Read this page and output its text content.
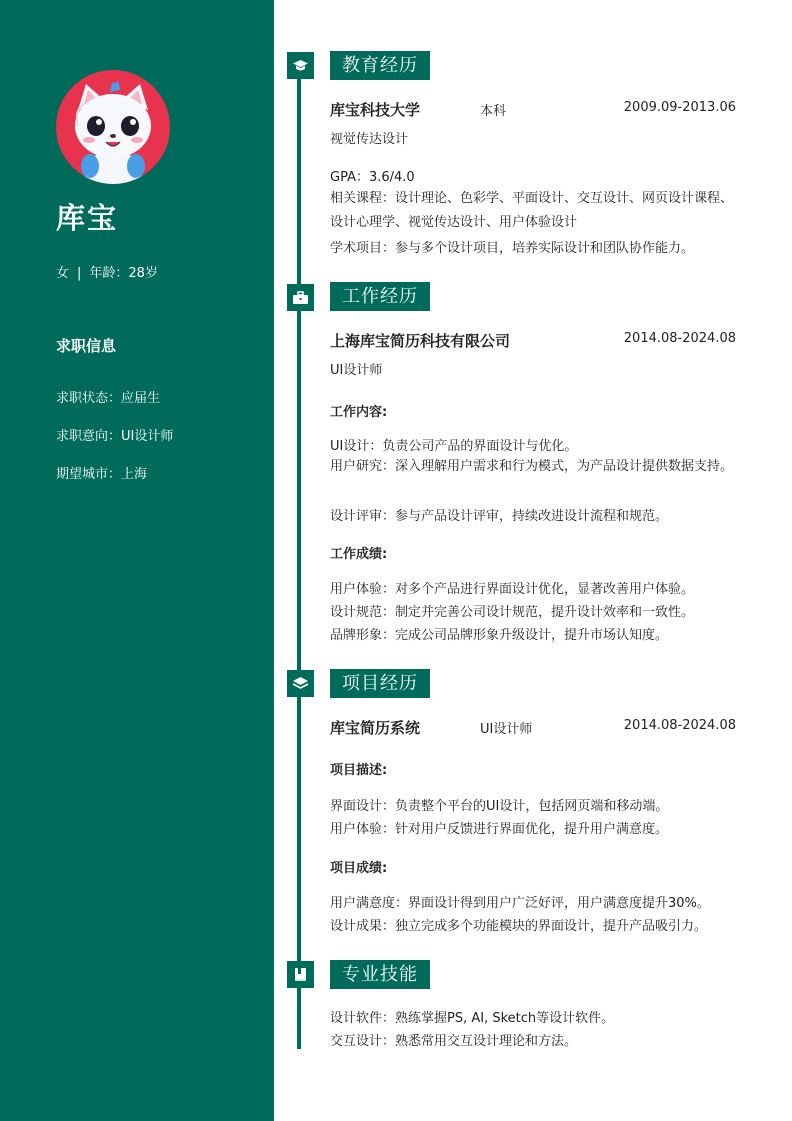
库宝
女 | 年龄：28岁
求职信息
求职状态：应届生
求职意向：UI设计师
期望城市：上海
教育经历
库宝科技大学	本科	2009.09-2013.06
视觉传达设计
GPA：3.6/4.0
相关课程：设计理论、色彩学、平面设计、交互设计、网页设计课程、设计心理学、视觉传达设计、用户体验设计
学术项目：参与多个设计项目，培养实际设计和团队协作能力。
工作经历
上海库宝简历科技有限公司	2014.08-2024.08
UI设计师
工作内容:
UI设计：负责公司产品的界面设计与优化。
用户研究：深入理解用户需求和行为模式，为产品设计提供数据支持。
设计评审：参与产品设计评审，持续改进设计流程和规范。
工作成绩:
用户体验：对多个产品进行界面设计优化，显著改善用户体验。
设计规范：制定并完善公司设计规范，提升设计效率和一致性。
品牌形象：完成公司品牌形象升级设计，提升市场认知度。
项目经历
库宝简历系统	UI设计师	2014.08-2024.08
项目描述:
界面设计：负责整个平台的UI设计，包括网页端和移动端。
用户体验：针对用户反馈进行界面优化，提升用户满意度。
项目成绩:
用户满意度：界面设计得到用户广泛好评，用户满意度提升30%。
设计成果：独立完成多个功能模块的界面设计，提升产品吸引力。
专业技能
设计软件：熟练掌握PS, AI, Sketch等设计软件。
交互设计：熟悉常用交互设计理论和方法。
